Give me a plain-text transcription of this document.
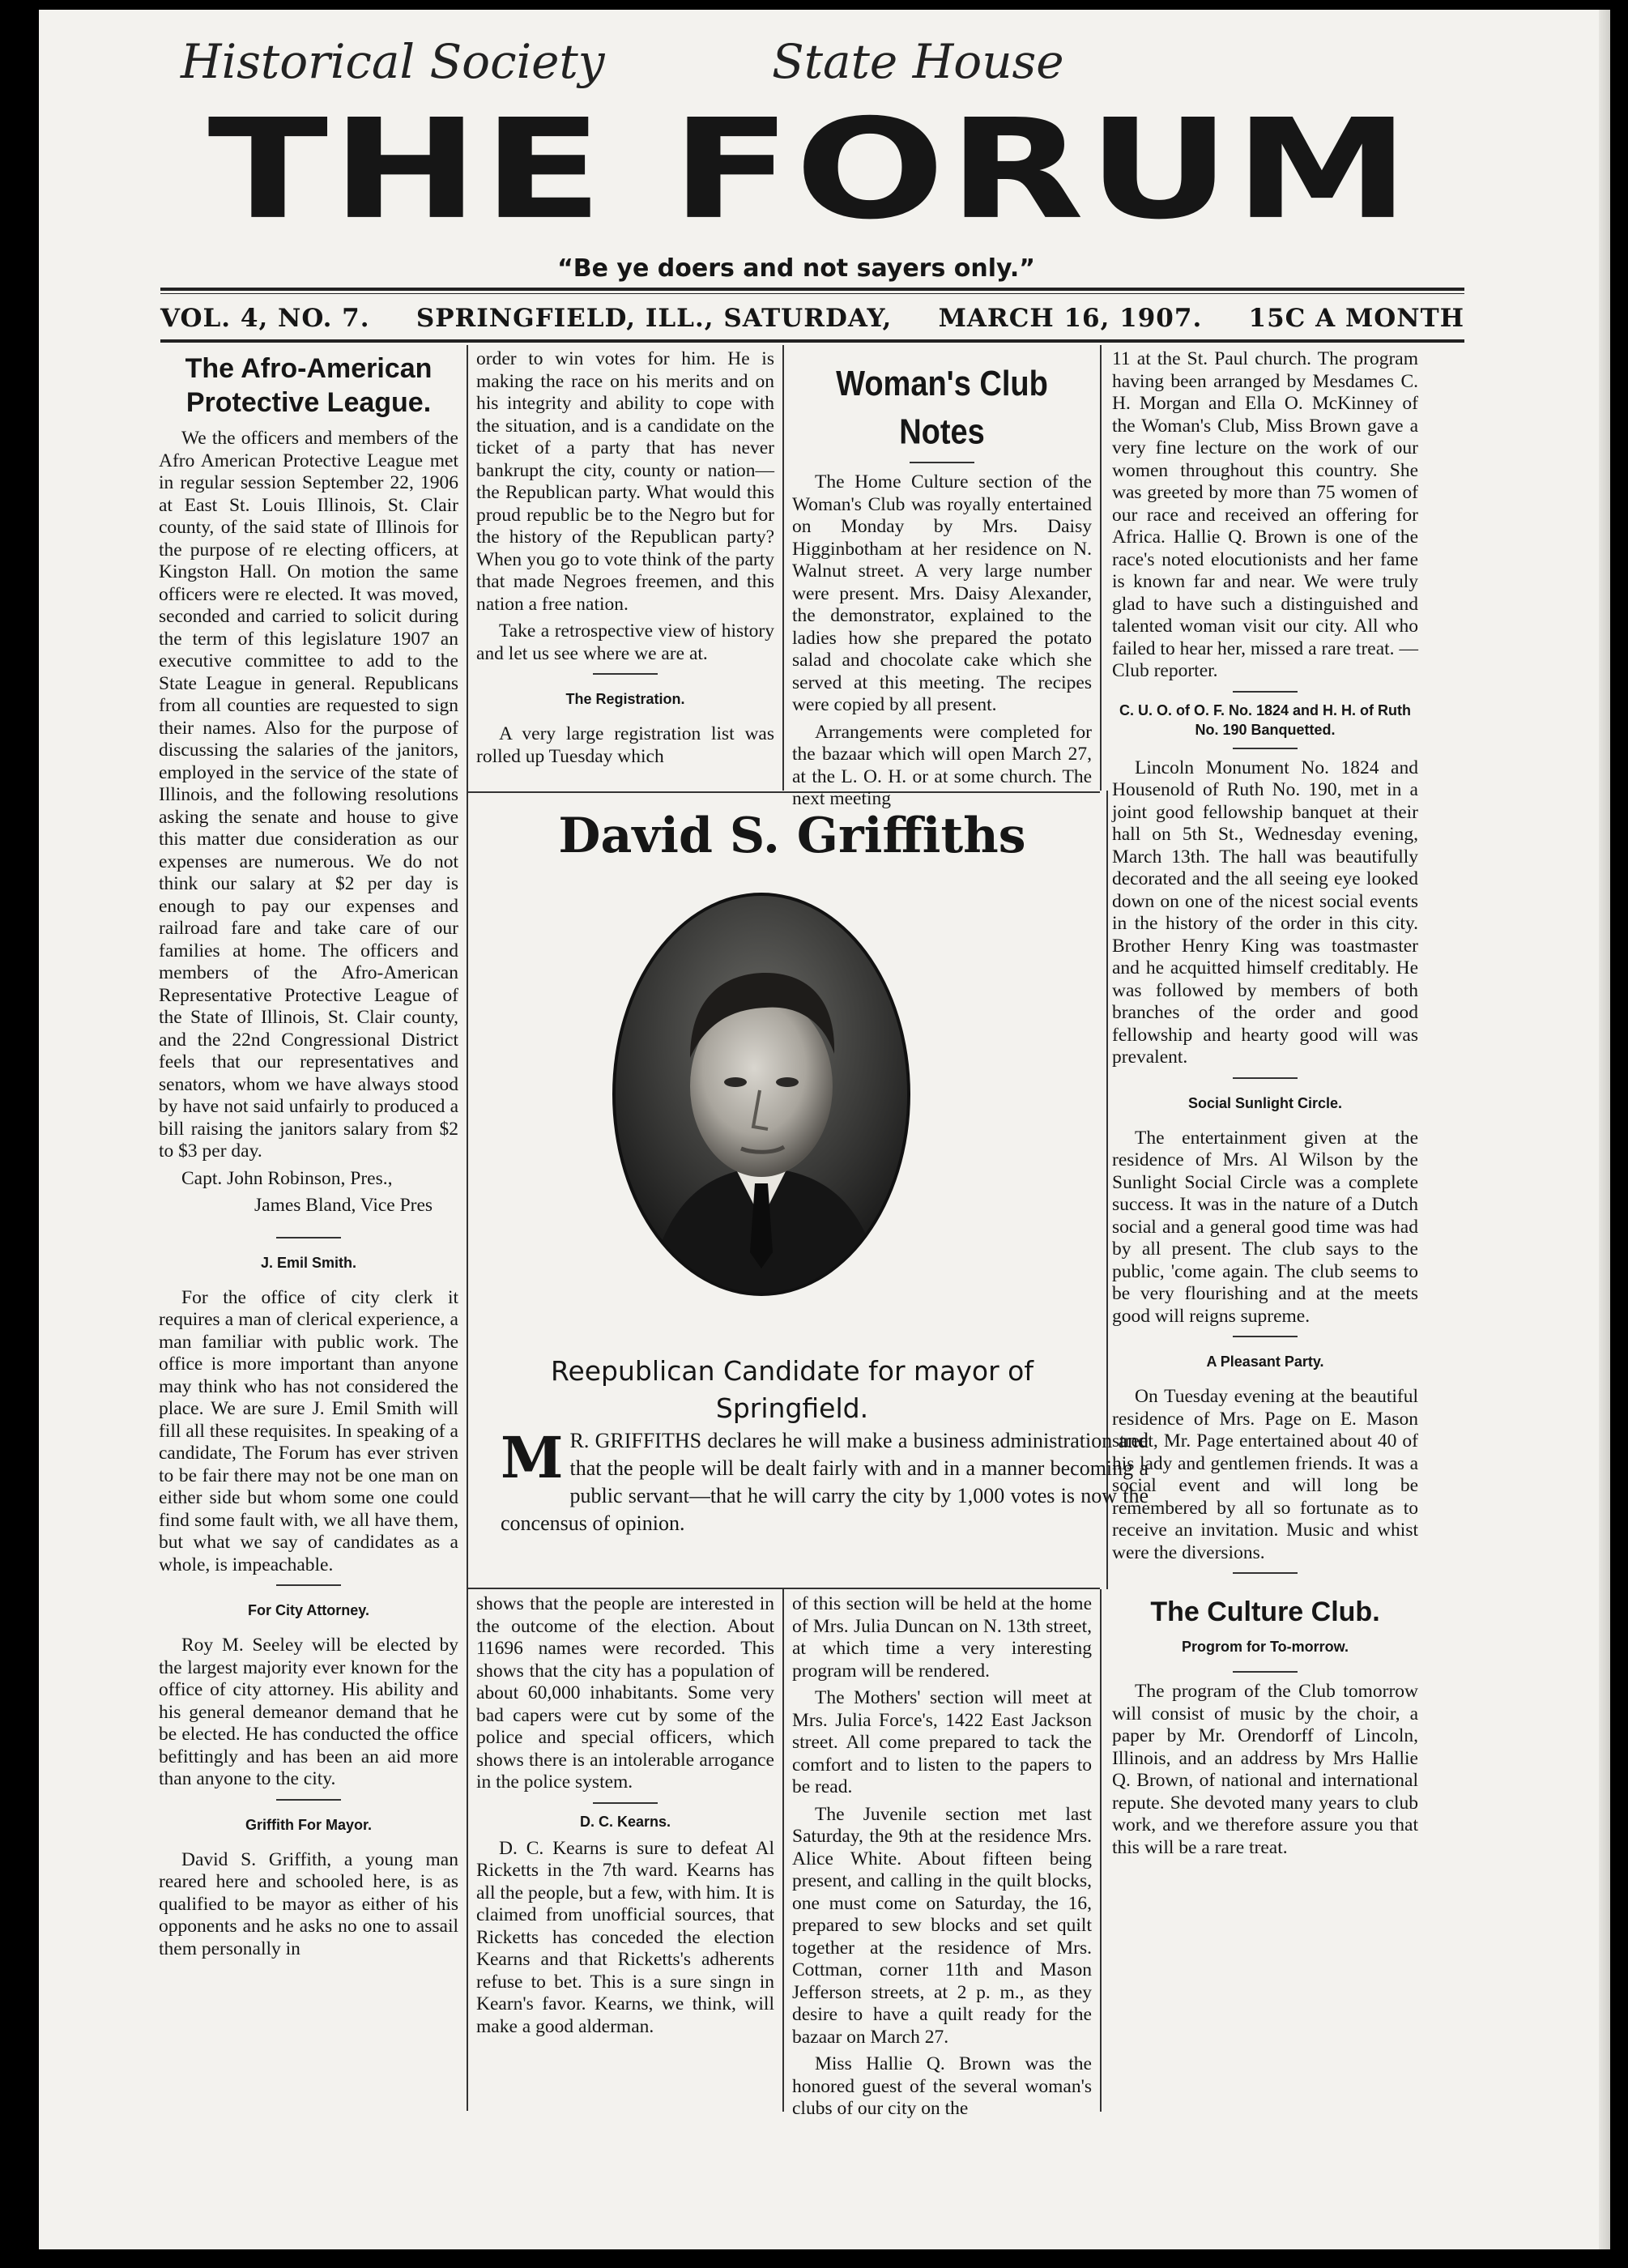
Historical Society	State House
THE FORUM
“Be ye doers and not sayers only.”
VOL. 4, NO. 7. SPRINGFIELD, ILL., SATURDAY, MARCH 16, 1907. 15C A MONTH
The Afro-American Protective League.

We the officers and members of the Afro American Protective League met in regular session September 22, 1906 at East St. Louis Illinois, St. Clair county, of the said state of Illinois for the purpose of re electing officers, at Kingston Hall. On motion the same officers were re elected. It was moved, seconded and carried to solicit during the term of this legislature 1907 an executive committee to add to the State League in general. Republicans from all counties are requested to sign their names. Also for the purpose of discussing the salaries of the janitors, employed in the service of the state of Illinois, and the following resolutions asking the senate and house to give this matter due consideration as our expenses are numerous. We do not think our salary at $2 per day is enough to pay our expenses and railroad fare and take care of our families at home. The officers and members of the Afro-American Representative Protective League of the State of Illinois, St. Clair county, and the 22nd Congressional District feels that our representatives and senators, whom we have always stood by have not said unfairly to produced a bill raising the janitors salary from $2 to $3 per day.

Capt. John Robinson, Pres.,

James Bland, Vice Pres

J. Emil Smith.

For the office of city clerk it requires a man of clerical experience, a man familiar with public work. The office is more important than anyone may think who has not considered the place. We are sure J. Emil Smith will fill all these requisites. In speaking of a candidate, The Forum has ever striven to be fair there may not be one man on either side but whom some one could find some fault with, we all have them, but what we say of candidates as a whole, is impeachable.

For City Attorney.

Roy M. Seeley will be elected by the largest majority ever known for the office of city attorney. His ability and his general demeanor demand that he be elected. He has conducted the office befittingly and has been an aid more than anyone to the city.

Griffith For Mayor.

David S. Griffith, a young man reared here and schooled here, is as qualified to be mayor as either of his opponents and he asks no one to assail them personally in

order to win votes for him. He is making the race on his merits and on his integrity and ability to cope with the situation, and is a candidate on the ticket of a party that has never bankrupt the city, county or nation—the Republican party. What would this proud republic be to the Negro but for the history of the Republican party? When you go to vote think of the party that made Negroes freemen, and this nation a free nation.

Take a retrospective view of history and let us see where we are at.

The Registration.

A very large registration list was rolled up Tuesday which

Woman's Club Notes

The Home Culture section of the Woman's Club was royally entertained on Monday by Mrs. Daisy Higginbotham at her residence on N. Walnut street. A very large number were present. Mrs. Daisy Alexander, the demonstrator, explained to the ladies how she prepared the potato salad and chocolate cake which she served at this meeting. The recipes were copied by all present.

Arrangements were completed for the bazaar which will open March 27, at the L. O. H. or at some church. The next meeting

11 at the St. Paul church. The program having been arranged by Mesdames C. H. Morgan and Ella O. McKinney of the Woman's Club, Miss Brown gave a very fine lecture on the work of our women throughout this country. She was greeted by more than 75 women of our race and received an offering for Africa. Hallie Q. Brown is one of the race's noted elocutionists and her fame is known far and near. We were truly glad to have such a distinguished and talented woman visit our city. All who failed to hear her, missed a rare treat. —Club reporter.

C. U. O. of O. F. No. 1824 and H. H. of Ruth No. 190 Banquetted.

Lincoln Monument No. 1824 and Housenold of Ruth No. 190, met in a joint good fellowship banquet at their hall on 5th St., Wednesday evening, March 13th. The hall was beautifully decorated and the all seeing eye looked down on one of the nicest social events in the history of the order in this city. Brother Henry King was toastmaster and he acquitted himself creditably. He was followed by members of both branches of the order and good fellowship and hearty good will was prevalent.

Social Sunlight Circle.

The entertainment given at the residence of Mrs. Al Wilson by the Sunlight Social Circle was a complete success. It was in the nature of a Dutch social and a general good time was had by all present. The club says to the public, 'come again. The club seems to be very flourishing and at the meets good will reigns supreme.

A Pleasant Party.

On Tuesday evening at the beautiful residence of Mrs. Page on E. Mason street, Mr. Page entertained about 40 of his lady and gentlemen friends. It was a social event and will long be remembered by all so fortunate as to receive an invitation. Music and whist were the diversions.

The Culture Club.
Progrom for To-morrow.

The program of the Club tomorrow will consist of music by the choir, a paper by Mr. Orendorff of Lincoln, Illinois, and an address by Mrs Hallie Q. Brown, of national and international repute. She devoted many years to club work, and we therefore assure you that this will be a rare treat.

David S. Griffiths
Reepublican Candidate for mayor of Springfield.
M R. GRIFFITHS declares he will make a business administration and that the people will be dealt fairly with and in a manner becoming a public servant—that he will carry the city by 1,000 votes is now the concensus of opinion.

shows that the people are interested in the outcome of the election. About 11696 names were recorded. This shows that the city has a population of about 60,000 inhabitants. Some very bad capers were cut by some of the police and special officers, which shows there is an intolerable arrogance in the police system.

D. C. Kearns.

D. C. Kearns is sure to defeat Al Ricketts in the 7th ward. Kearns has all the people, but a few, with him. It is claimed from unofficial sources, that Ricketts has conceded the election Kearns and that Ricketts's adherents refuse to bet. This is a sure singn in Kearn's favor. Kearns, we think, will make a good alderman.

of this section will be held at the home of Mrs. Julia Duncan on N. 13th street, at which time a very interesting program will be rendered.

The Mothers' section will meet at Mrs. Julia Force's, 1422 East Jackson street. All come prepared to tack the comfort and to listen to the papers to be read.

The Juvenile section met last Saturday, the 9th at the residence Mrs. Alice White. About fifteen being present, and calling in the quilt blocks, one must come on Saturday, the 16, prepared to sew blocks and set quilt together at the residence of Mrs. Cottman, corner 11th and Mason Jefferson streets, at 2 p. m., as they desire to have a quilt ready for the bazaar on March 27.

Miss Hallie Q. Brown was the honored guest of the several woman's clubs of our city on the
